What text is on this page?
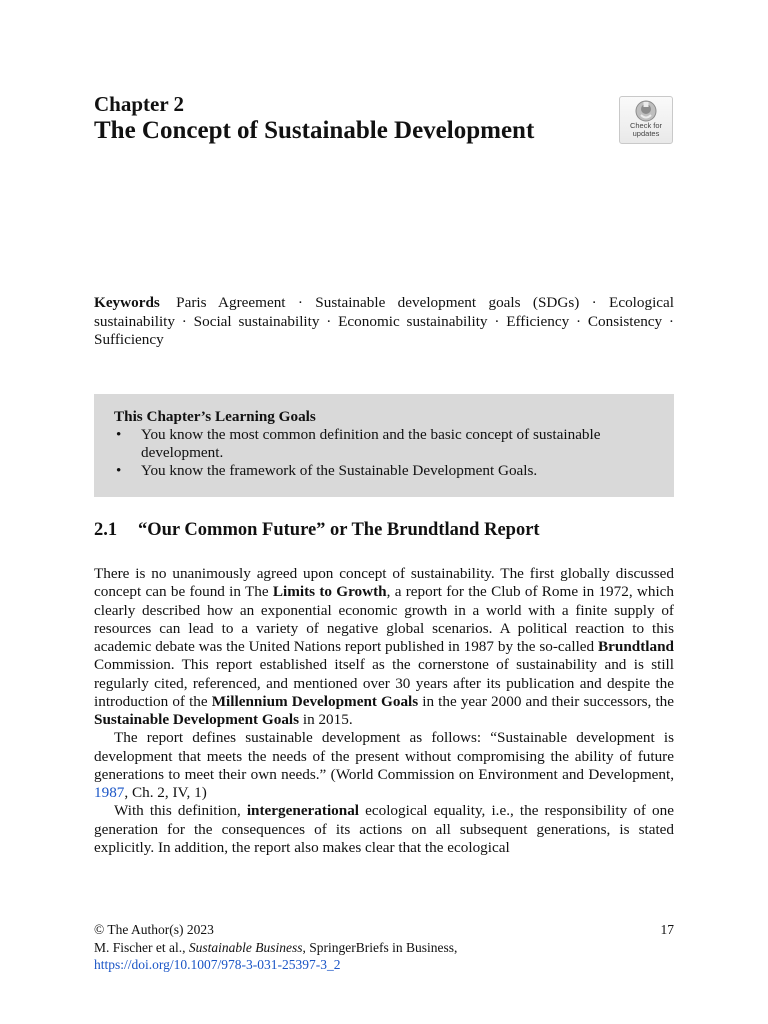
Chapter 2
The Concept of Sustainable Development	Check for
updates
Keywords Paris Agreement · Sustainable development goals (SDGs) · Ecological sustainability · Social sustainability · Economic sustainability · Efficiency · Consistency · Sufficiency
This Chapter’s Learning Goals
• You know the most common definition and the basic concept of sustainable development.
• You know the framework of the Sustainable Development Goals.
2.1 “Our Common Future” or The Brundtland Report

There is no unanimously agreed upon concept of sustainability. The first globally discussed concept can be found in The Limits to Growth, a report for the Club of Rome in 1972, which clearly described how an exponential economic growth in a world with a finite supply of resources can lead to a variety of negative global scenarios. A political reaction to this academic debate was the United Nations report published in 1987 by the so-called Brundtland Commission. This report established itself as the cornerstone of sustainability and is still regularly cited, referenced, and mentioned over 30 years after its publication and despite the introduction of the Millennium Development Goals in the year 2000 and their successors, the Sustainable Development Goals in 2015.

The report defines sustainable development as follows: “Sustainable development is development that meets the needs of the present without compromising the ability of future generations to meet their own needs.” (World Commission on Environment and Development, 1987, Ch. 2, IV, 1)

With this definition, intergenerational ecological equality, i.e., the responsibility of one generation for the consequences of its actions on all subsequent generations, is stated explicitly. In addition, the report also makes clear that the ecological

© The Author(s) 2023
M. Fischer et al., Sustainable Business, SpringerBriefs in Business,
https://doi.org/10.1007/978-3-031-25397-3_2
17
